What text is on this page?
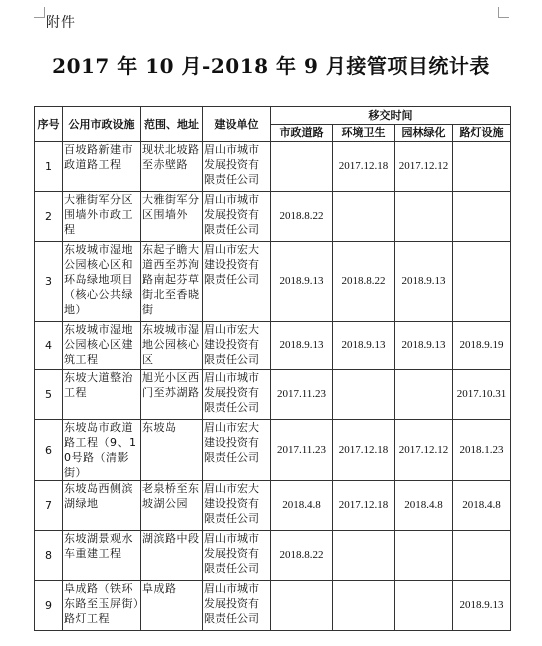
附件
2017 年 10 月-2018 年 9 月接管项目统计表
序号	公用市政设施	范围、地址	建设单位	移交时间			
				市政道路	环境卫生	园林绿化	路灯设施
1	百坡路新建市政道路工程	现状北坡路至赤壁路	眉山市城市发展投资有限责任公司		2017.12.18	2017.12.12	
2	大雅街军分区围墙外市政工程	大雅街军分区围墙外	眉山市城市发展投资有限责任公司	2018.8.22			
3	东坡城市湿地公园核心区和环岛绿地项目（核心公共绿地）	东起子瞻大道西至苏洵路南起芬草街北至香晓街	眉山市宏大建设投资有限责任公司	2018.9.13	2018.8.22	2018.9.13	
4	东坡城市湿地公园核心区建筑工程	东坡城市湿地公园核心区	眉山市宏大建设投资有限责任公司	2018.9.13	2018.9.13	2018.9.13	2018.9.19
5	东坡大道整治工程	旭光小区西门至苏湖路	眉山市城市发展投资有限责任公司	2017.11.23			2017.10.31
6	东坡岛市政道路工程（9、10号路（清影街）	东坡岛	眉山市宏大建设投资有限责任公司	2017.11.23	2017.12.18	2017.12.12	2018.1.23
7	东坡岛西侧滨湖绿地	老泉桥至东坡湖公园	眉山市宏大建设投资有限责任公司	2018.4.8	2017.12.18	2018.4.8	2018.4.8
8	东坡湖景观水车重建工程	湖滨路中段	眉山市城市发展投资有限责任公司	2018.8.22			
9	阜成路（铁环东路至玉屏街）路灯工程	阜成路	眉山市城市发展投资有限责任公司				2018.9.13
